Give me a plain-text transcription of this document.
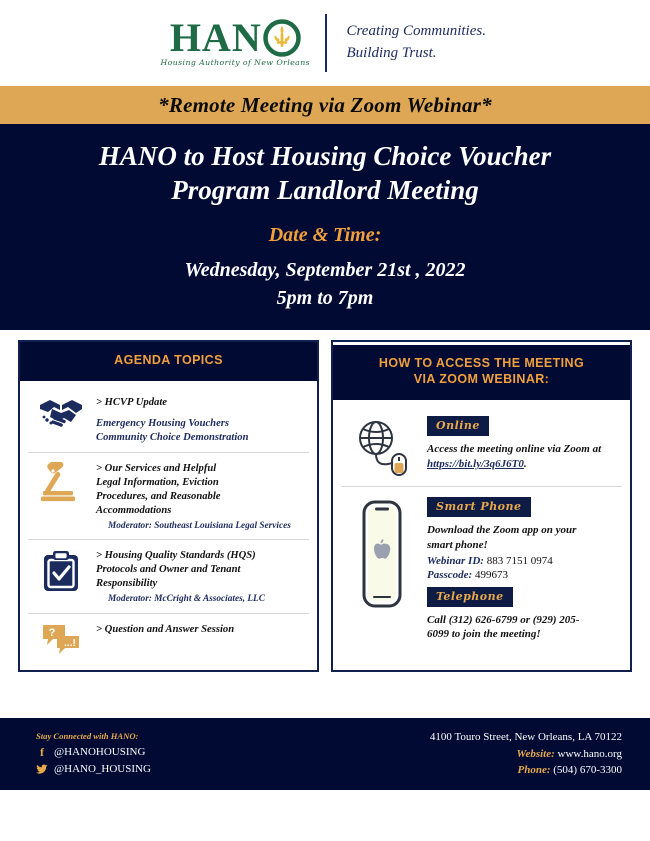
HAN
Housing Authority of New Orleans
Creating Communities.
Building Trust.
*Remote Meeting via Zoom Webinar*
HANO to Host Housing Choice Voucher
Program Landlord Meeting
Date & Time:
Wednesday, September 21st , 2022
5pm to 7pm
AGENDA TOPICS
> HCVP Update
Emergency Housing Vouchers
Community Choice Demonstration
> Our Services and Helpful
Legal Information, Eviction
Procedures, and Reasonable
Accommodations
Moderator: Southeast Louisiana Legal Services
> Housing Quality Standards (HQS)
Protocols and Owner and Tenant
Responsibility
Moderator: McCright & Associates, LLC
?
...!
> Question and Answer Session
HOW TO ACCESS THE MEETING
VIA ZOOM WEBINAR:
Online
Access the meeting online via Zoom at https://bit.ly/3q6J6T0.
Smart Phone
Download the Zoom app on your
smart phone!
Webinar ID: 883 7151 0974
Passcode: 499673
Telephone
Call (312) 626-6799 or (929) 205-
6099 to join the meeting!
Stay Connected with HANO:
f @HANOHOUSING
@HANO_HOUSING
4100 Touro Street, New Orleans, LA 70122
Website: www.hano.org
Phone: (504) 670-3300
